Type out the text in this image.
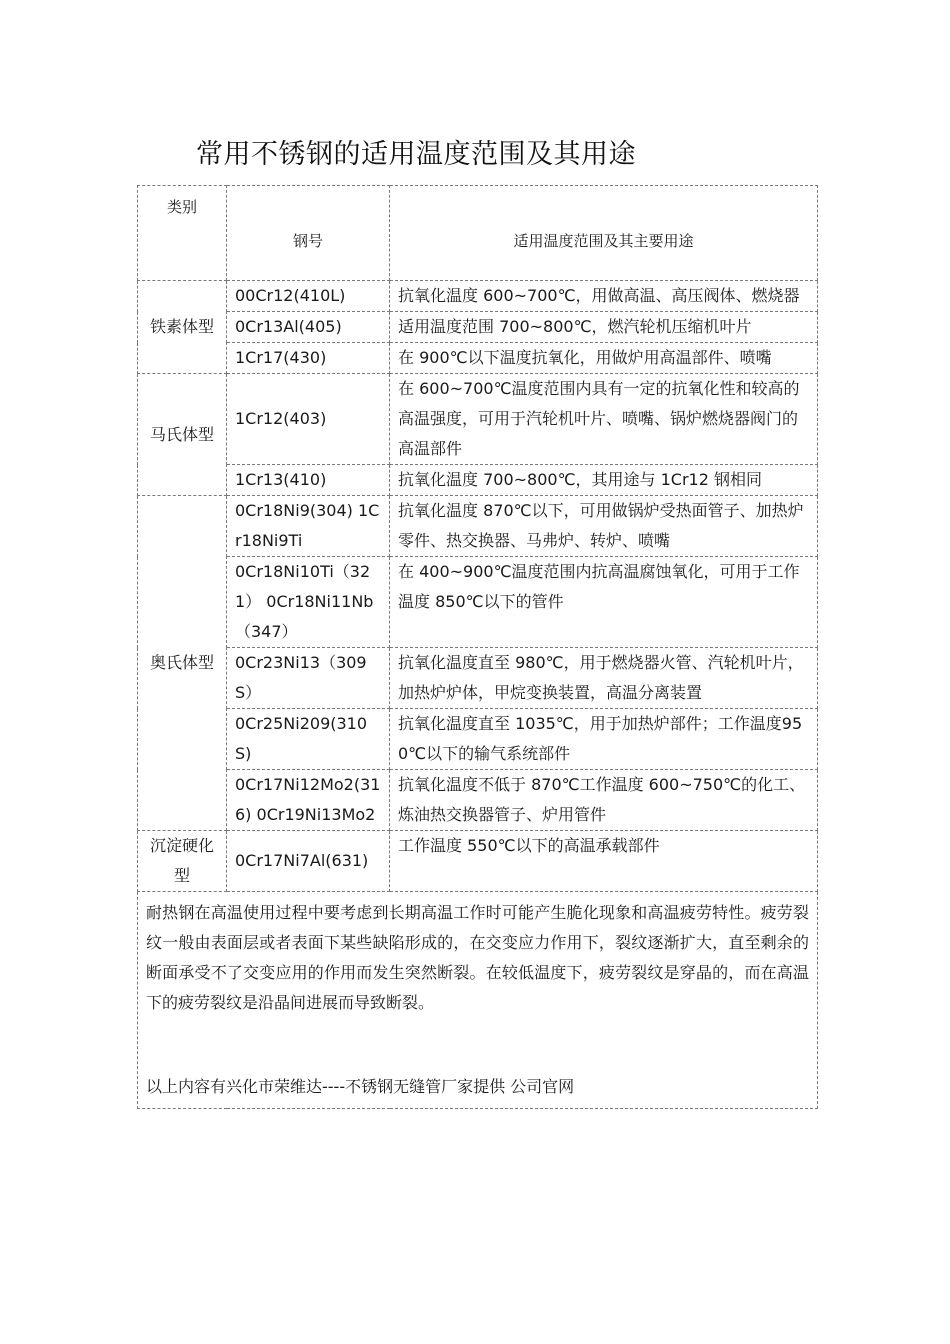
常用不锈钢的适用温度范围及其用途
类别	钢号	适用温度范围及其主要用途
铁素体型	00Cr12(410L)	抗氧化温度 600~700℃，用做高温、高压阀体、燃烧器
	0Cr13Al(405)	适用温度范围 700~800℃，燃汽轮机压缩机叶片
	1Cr17(430)	在 900℃以下温度抗氧化，用做炉用高温部件、喷嘴
马氏体型	1Cr12(403)	在 600~700℃温度范围内具有一定的抗氧化性和较高的高温强度，可用于汽轮机叶片、喷嘴、锅炉燃烧器阀门的高温部件
	1Cr13(410)	抗氧化温度 700~800℃，其用途与 1Cr12 钢相同
奥氏体型	0Cr18Ni9(304) 1Cr18Ni9Ti	抗氧化温度 870℃以下，可用做锅炉受热面管子、加热炉零件、热交换器、马弗炉、转炉、喷嘴
	0Cr18Ni10Ti（321） 0Cr18Ni11Nb（347）	在 400~900℃温度范围内抗高温腐蚀氧化，可用于工作温度 850℃以下的管件
	0Cr23Ni13（309S）	抗氧化温度直至 980℃，用于燃烧器火管、汽轮机叶片，加热炉炉体，甲烷变换装置，高温分离装置
	0Cr25Ni209(310S)	抗氧化温度直至 1035℃，用于加热炉部件；工作温度950℃以下的输气系统部件
	0Cr17Ni12Mo2(316) 0Cr19Ni13Mo2	抗氧化温度不低于 870℃工作温度 600~750℃的化工、炼油热交换器管子、炉用管件
沉淀硬化型	0Cr17Ni7Al(631)	工作温度 550℃以下的高温承载部件

耐热钢在高温使用过程中要考虑到长期高温工作时可能产生脆化现象和高温疲劳特性。疲劳裂纹一般由表面层或者表面下某些缺陷形成的，在交变应力作用下，裂纹逐渐扩大，直至剩余的断面承受不了交变应用的作用而发生突然断裂。在较低温度下，疲劳裂纹是穿晶的，而在高温下的疲劳裂纹是沿晶间进展而导致断裂。
以上内容有兴化市荣维达----不锈钢无缝管厂家提供 公司官网		
